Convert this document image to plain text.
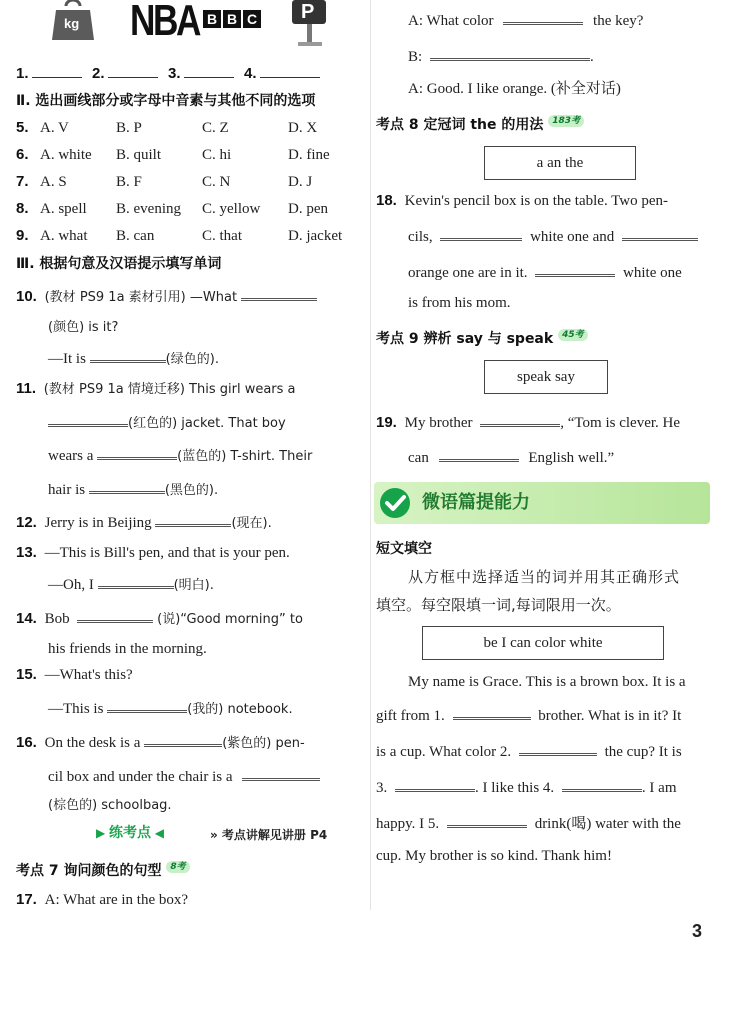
kg NBA B B C P
1.	2.	3.	4.
Ⅱ. 选出画线部分或字母中音素与其他不同的选项
5. A. V	B. P	C. Z	D. X
6. A. white B. quilt	C. hi	D. fine
7. A. S	B. F	C. N	D. J
8. A. spell B. evening C. yellow D. pen
9. A. what B. can	C. that	D. jacket
Ⅲ. 根据句意及汉语提示填写单词
10. (教材 PS9 1a 素材引用) —What
(颜色) is it?
—It is	(绿色的).
11. (教材 PS9 1a 情境迁移) This girl wears a
(红色的) jacket. That boy
wears a	(蓝色的) T-shirt. Their
hair is	(黑色的).
12. Jerry is in Beijing	(现在).
13. —This is Bill's pen, and that is your pen.
—Oh, I	(明白).
14. Bob	(说)“Good morning” to
his friends in the morning.
15. —What's this?
—This is	(我的) notebook.
16. On the desk is a	(紫色的) pen-
cil box and under the chair is a
(棕色的) schoolbag.
▶ 练考点 ◀	» 考点讲解见讲册 P4
考点 7 询问颜色的句型 8考
17. A: What are in the box?
A: What color	the key?
B:	.
A: Good. I like orange. (补全对话)
考点 8 定冠词 the 的用法 183考
a an the
18. Kevin's pencil box is on the table. Two pen-
cils,	white one and
orange one are in it.	white one
is from his mom.
考点 9 辨析 say 与 speak 45考
speak say
19. My brother	, “Tom is clever. He
can	English well.”
微语篇提能力
短文填空
从方框中选择适当的词并用其正确形式
填空。每空限填一词,每词限用一次。
be I can color white
My name is Grace. This is a brown box. It is a
gift from 1.	brother. What is in it? It
is a cup. What color 2.	the cup? It is
3.	. I like this 4.	. I am
happy. I 5.	drink(喝) water with the
cup. My brother is so kind. Thank him!
3
